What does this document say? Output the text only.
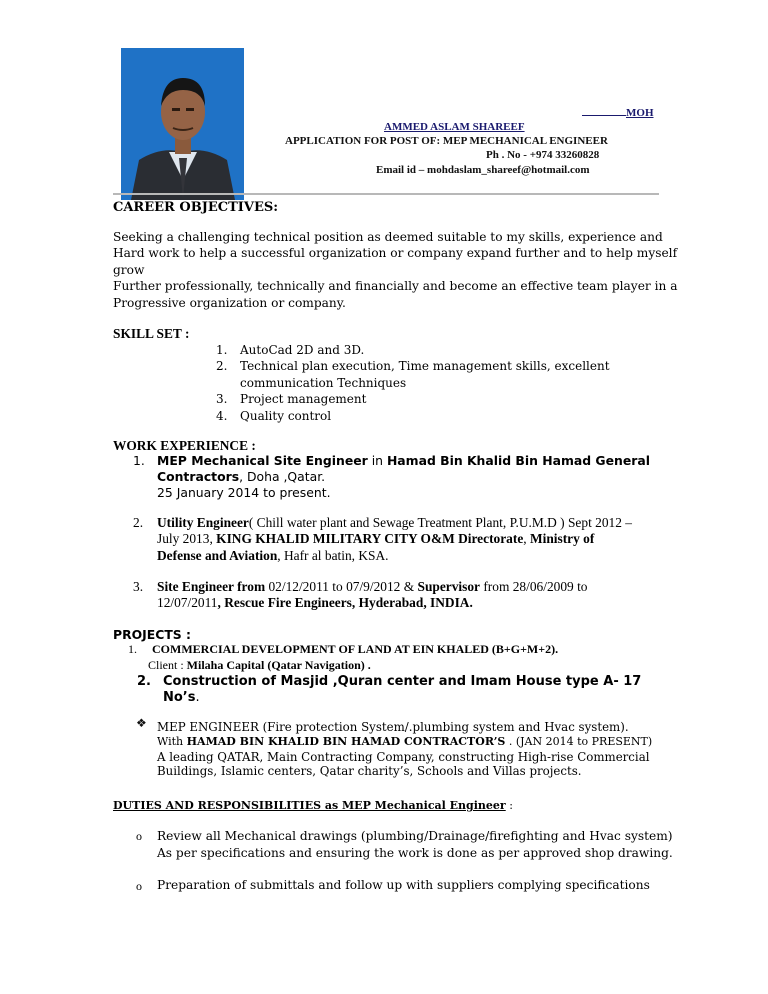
MOH
AMMED ASLAM SHAREEF
APPLICATION FOR POST OF: MEP MECHANICAL ENGINEER
Ph . No - +974 33260828
Email id – mohdaslam_shareef@hotmail.com
CAREER OBJECTIVES:
Seeking a challenging technical position as deemed suitable to my skills, experience and
Hard work to help a successful organization or company expand further and to help myself
grow
Further professionally, technically and financially and become an effective team player in a
Progressive organization or company.
SKILL SET :
1. AutoCad 2D and 3D.
2. Technical plan execution, Time management skills, excellent
communication Techniques
3. Project management
4. Quality control
WORK EXPERIENCE :
1. MEP Mechanical Site Engineer in Hamad Bin Khalid Bin Hamad General
Contractors, Doha ,Qatar.
25 January 2014 to present.
2. Utility Engineer( Chill water plant and Sewage Treatment Plant, P.U.M.D ) Sept 2012 –
July 2013, KING KHALID MILITARY CITY O&M Directorate, Ministry of
Defense and Aviation, Hafr al batin, KSA.
3. Site Engineer from 02/12/2011 to 07/9/2012 & Supervisor from 28/06/2009 to
12/07/2011, Rescue Fire Engineers, Hyderabad, INDIA.
PROJECTS :
1. COMMERCIAL DEVELOPMENT OF LAND AT EIN KHALED (B+G+M+2).
Client : Milaha Capital (Qatar Navigation) .
2. Construction of Masjid ,Quran center and Imam House type A- 17
No’s.
❖ MEP ENGINEER (Fire protection System/.plumbing system and Hvac system).
With HAMAD BIN KHALID BIN HAMAD CONTRACTOR’S . (JAN 2014 to PRESENT)
A leading QATAR, Main Contracting Company, constructing High-rise Commercial
Buildings, Islamic centers, Qatar charity’s, Schools and Villas projects.
DUTIES AND RESPONSIBILITIES as MEP Mechanical Engineer :
o Review all Mechanical drawings (plumbing/Drainage/firefighting and Hvac system)
As per specifications and ensuring the work is done as per approved shop drawing.
o Preparation of submittals and follow up with suppliers complying specifications
